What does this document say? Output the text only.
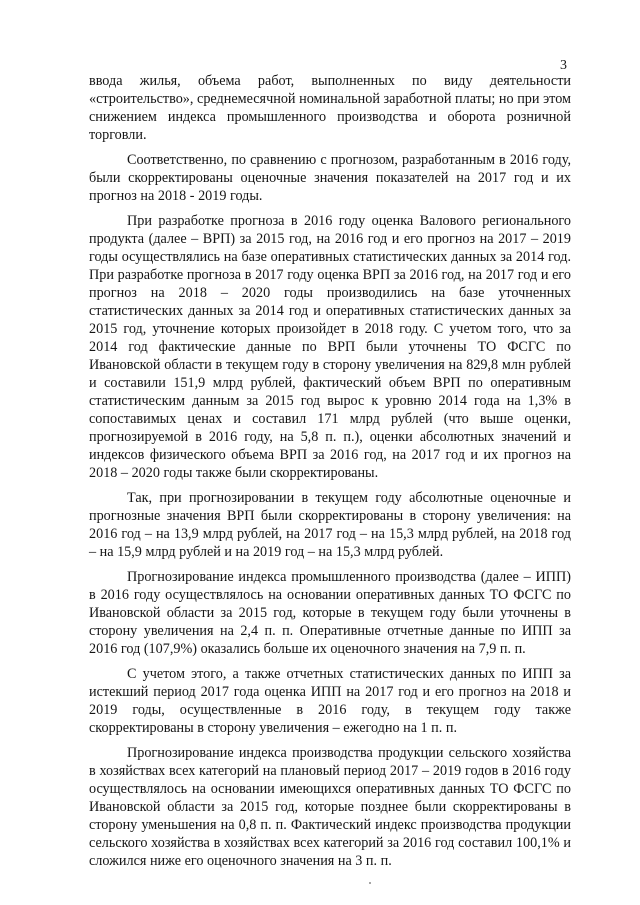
3

ввода жилья, объема работ, выполненных по виду деятельности «строительство», среднемесячной номинальной заработной платы; но при этом снижением индекса промышленного производства и оборота розничной торговли.

Соответственно, по сравнению с прогнозом, разработанным в 2016 году, были скорректированы оценочные значения показателей на 2017 год и их прогноз на 2018 - 2019 годы.

При разработке прогноза в 2016 году оценка Валового регионального продукта (далее – ВРП) за 2015 год, на 2016 год и его прогноз на 2017 – 2019 годы осуществлялись на базе оперативных статистических данных за 2014 год. При разработке прогноза в 2017 году оценка ВРП за 2016 год, на 2017 год и его прогноз на 2018 – 2020 годы производились на базе уточненных статистических данных за 2014 год и оперативных статистических данных за 2015 год, уточнение которых произойдет в 2018 году. С учетом того, что за 2014 год фактические данные по ВРП были уточнены ТО ФСГС по Ивановской области в текущем году в сторону увеличения на 829,8 млн рублей и составили 151,9 млрд рублей, фактический объем ВРП по оперативным статистическим данным за 2015 год вырос к уровню 2014 года на 1,3% в сопоставимых ценах и составил 171 млрд рублей (что выше оценки, прогнозируемой в 2016 году, на 5,8 п. п.), оценки абсолютных значений и индексов физического объема ВРП за 2016 год, на 2017 год и их прогноз на 2018 – 2020 годы также были скорректированы.

Так, при прогнозировании в текущем году абсолютные оценочные и прогнозные значения ВРП были скорректированы в сторону увеличения: на 2016 год – на 13,9 млрд рублей, на 2017 год – на 15,3 млрд рублей, на 2018 год – на 15,9 млрд рублей и на 2019 год – на 15,3 млрд рублей.

Прогнозирование индекса промышленного производства (далее – ИПП) в 2016 году осуществлялось на основании оперативных данных ТО ФСГС по Ивановской области за 2015 год, которые в текущем году были уточнены в сторону увеличения на 2,4 п. п. Оперативные отчетные данные по ИПП за 2016 год (107,9%) оказались больше их оценочного значения на 7,9 п. п.

С учетом этого, а также отчетных статистических данных по ИПП за истекший период 2017 года оценка ИПП на 2017 год и его прогноз на 2018 и 2019 годы, осуществленные в 2016 году, в текущем году также скорректированы в сторону увеличения – ежегодно на 1 п. п.

Прогнозирование индекса производства продукции сельского хозяйства в хозяйствах всех категорий на плановый период 2017 – 2019 годов в 2016 году осуществлялось на основании имеющихся оперативных данных ТО ФСГС по Ивановской области за 2015 год, которые позднее были скорректированы в сторону уменьшения на 0,8 п. п. Фактический индекс производства продукции сельского хозяйства в хозяйствах всех категорий за 2016 год составил 100,1% и сложился ниже его оценочного значения на 3 п. п.
